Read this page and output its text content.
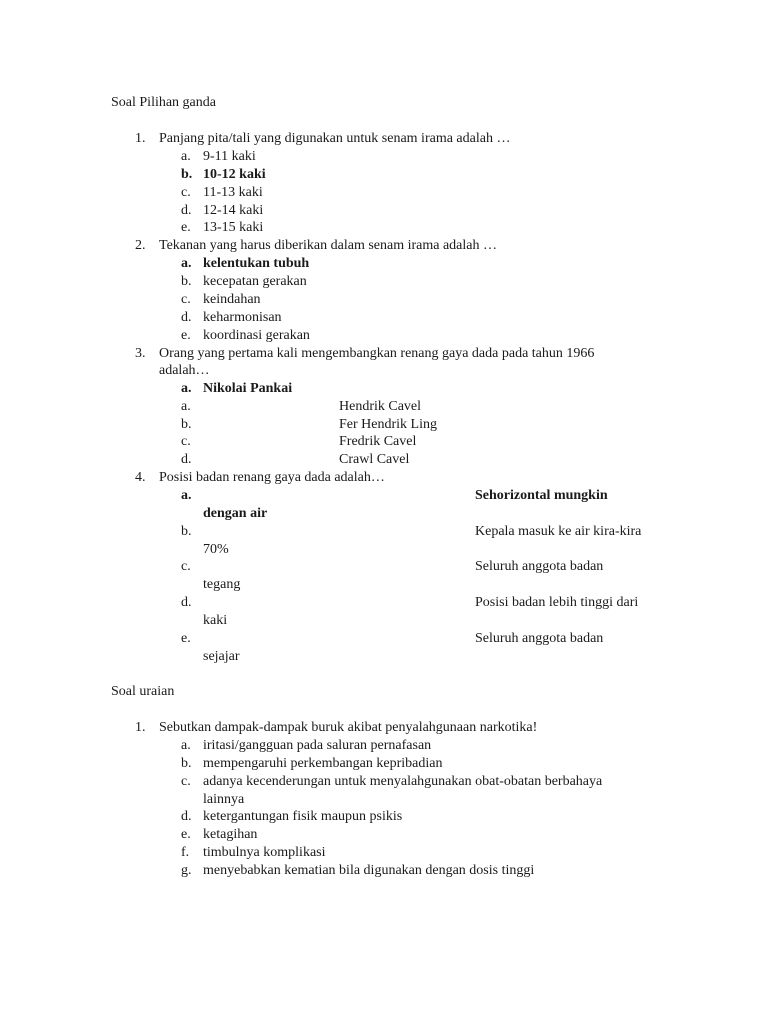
Soal Pilihan ganda
1. Panjang pita/tali yang digunakan untuk senam irama adalah …
a. 9-11 kaki
b. 10-12 kaki
c. 11-13 kaki
d. 12-14 kaki
e. 13-15 kaki
2. Tekanan yang harus diberikan dalam senam irama adalah …
a. kelentukan tubuh
b. kecepatan gerakan
c. keindahan
d. keharmonisan
e. koordinasi gerakan
3. Orang yang pertama kali mengembangkan renang gaya dada pada tahun 1966
adalah…
a. Nikolai Pankai
a.	Hendrik Cavel
b.	Fer Hendrik Ling
c.	Fredrik Cavel
d.	Crawl Cavel
4. Posisi badan renang gaya dada adalah…
a.	Sehorizontal mungkin
dengan air
b.	Kepala masuk ke air kira-kira
70%
c.	Seluruh anggota badan
tegang
d.	Posisi badan lebih tinggi dari
kaki
e.	Seluruh anggota badan
sejajar
Soal uraian
1. Sebutkan dampak-dampak buruk akibat penyalahgunaan narkotika!
a. iritasi/gangguan pada saluran pernafasan
b. mempengaruhi perkembangan kepribadian
c. adanya kecenderungan untuk menyalahgunakan obat-obatan berbahaya
lainnya
d. ketergantungan fisik maupun psikis
e. ketagihan
f. timbulnya komplikasi
g. menyebabkan kematian bila digunakan dengan dosis tinggi
